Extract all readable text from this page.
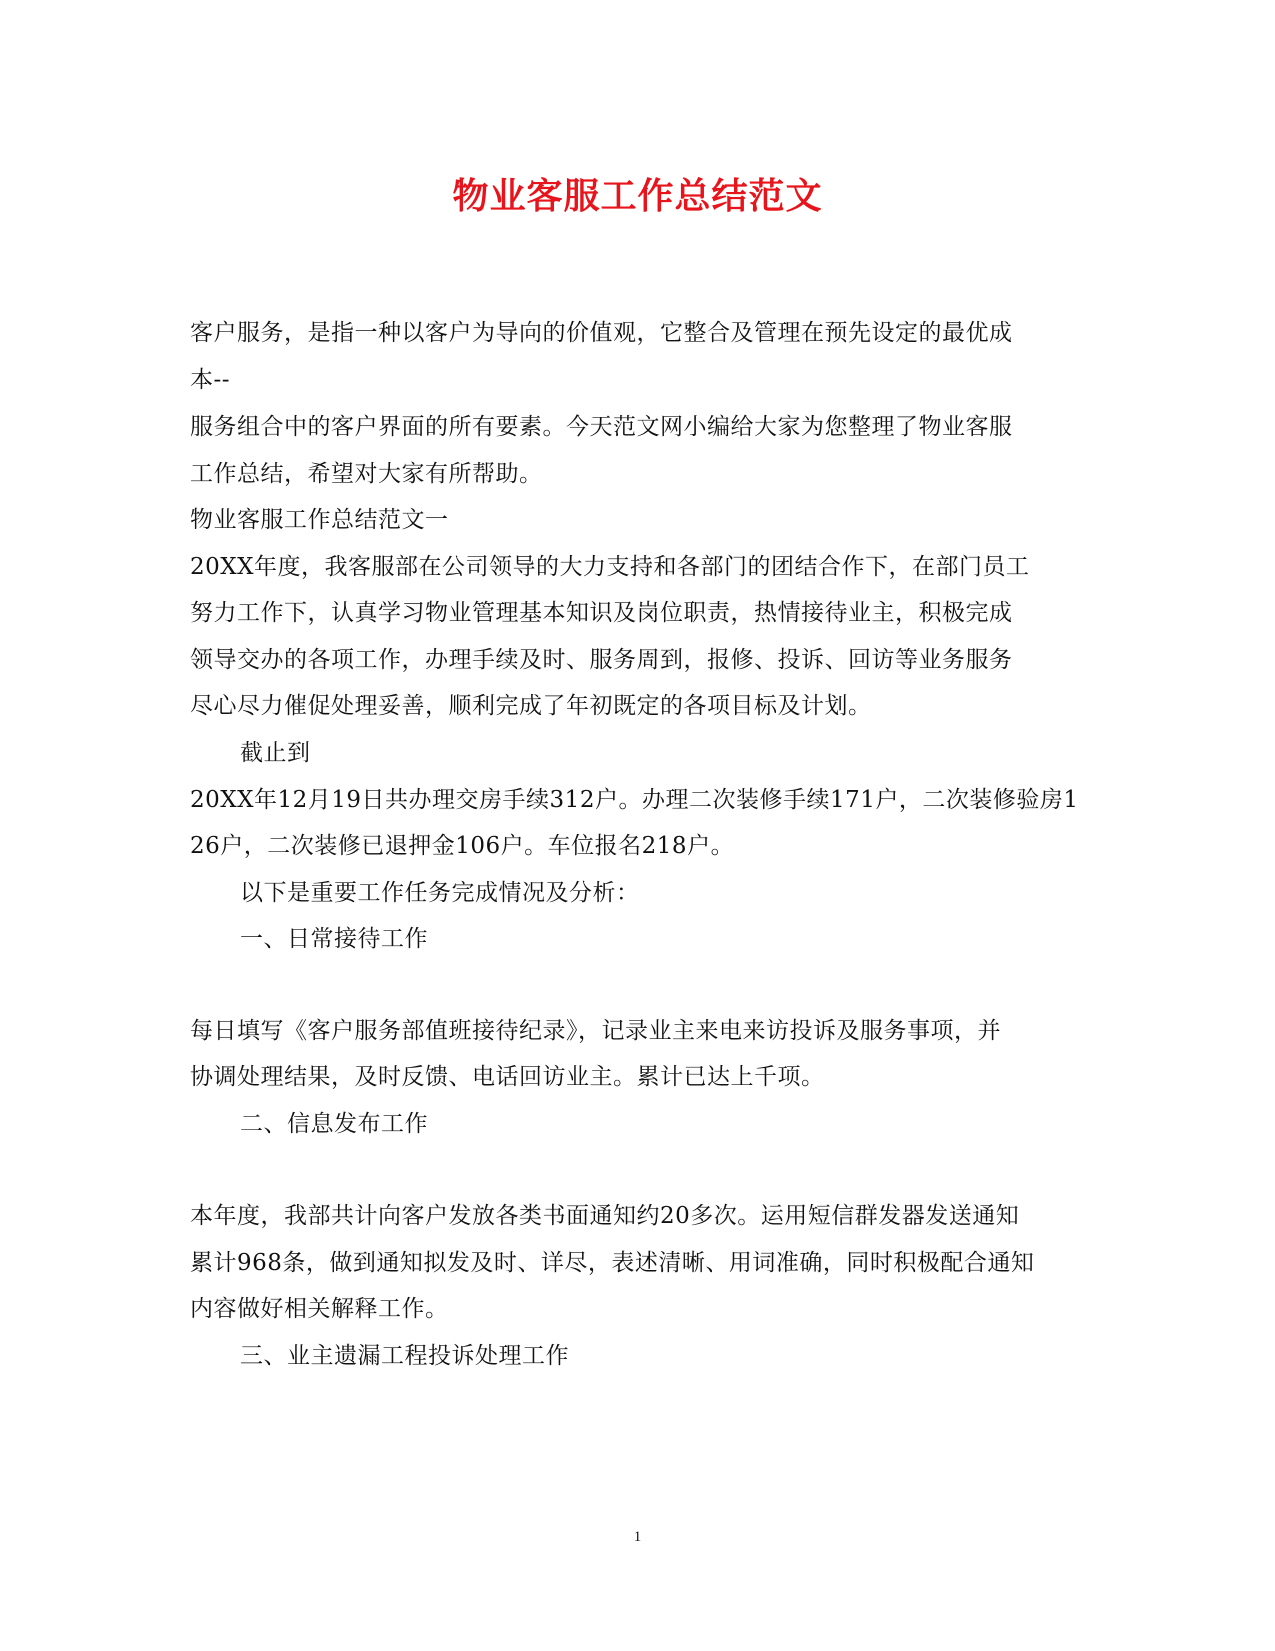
物业客服工作总结范文
客户服务，是指一种以客户为导向的价值观，它整合及管理在预先设定的最优成
本--
服务组合中的客户界面的所有要素。今天范文网小编给大家为您整理了物业客服
工作总结，希望对大家有所帮助。
物业客服工作总结范文一
20XX年度，我客服部在公司领导的大力支持和各部门的团结合作下，在部门员工
努力工作下，认真学习物业管理基本知识及岗位职责，热情接待业主，积极完成
领导交办的各项工作，办理手续及时、服务周到，报修、投诉、回访等业务服务
尽心尽力催促处理妥善，顺利完成了年初既定的各项目标及计划。
截止到
20XX年12月19日共办理交房手续312户。办理二次装修手续171户，二次装修验房1
26户，二次装修已退押金106户。车位报名218户。
以下是重要工作任务完成情况及分析：
一、日常接待工作
每日填写《客户服务部值班接待纪录》，记录业主来电来访投诉及服务事项，并
协调处理结果，及时反馈、电话回访业主。累计已达上千项。
二、信息发布工作
本年度，我部共计向客户发放各类书面通知约20多次。运用短信群发器发送通知
累计968条，做到通知拟发及时、详尽，表述清晰、用词准确，同时积极配合通知
内容做好相关解释工作。
三、业主遗漏工程投诉处理工作
1
